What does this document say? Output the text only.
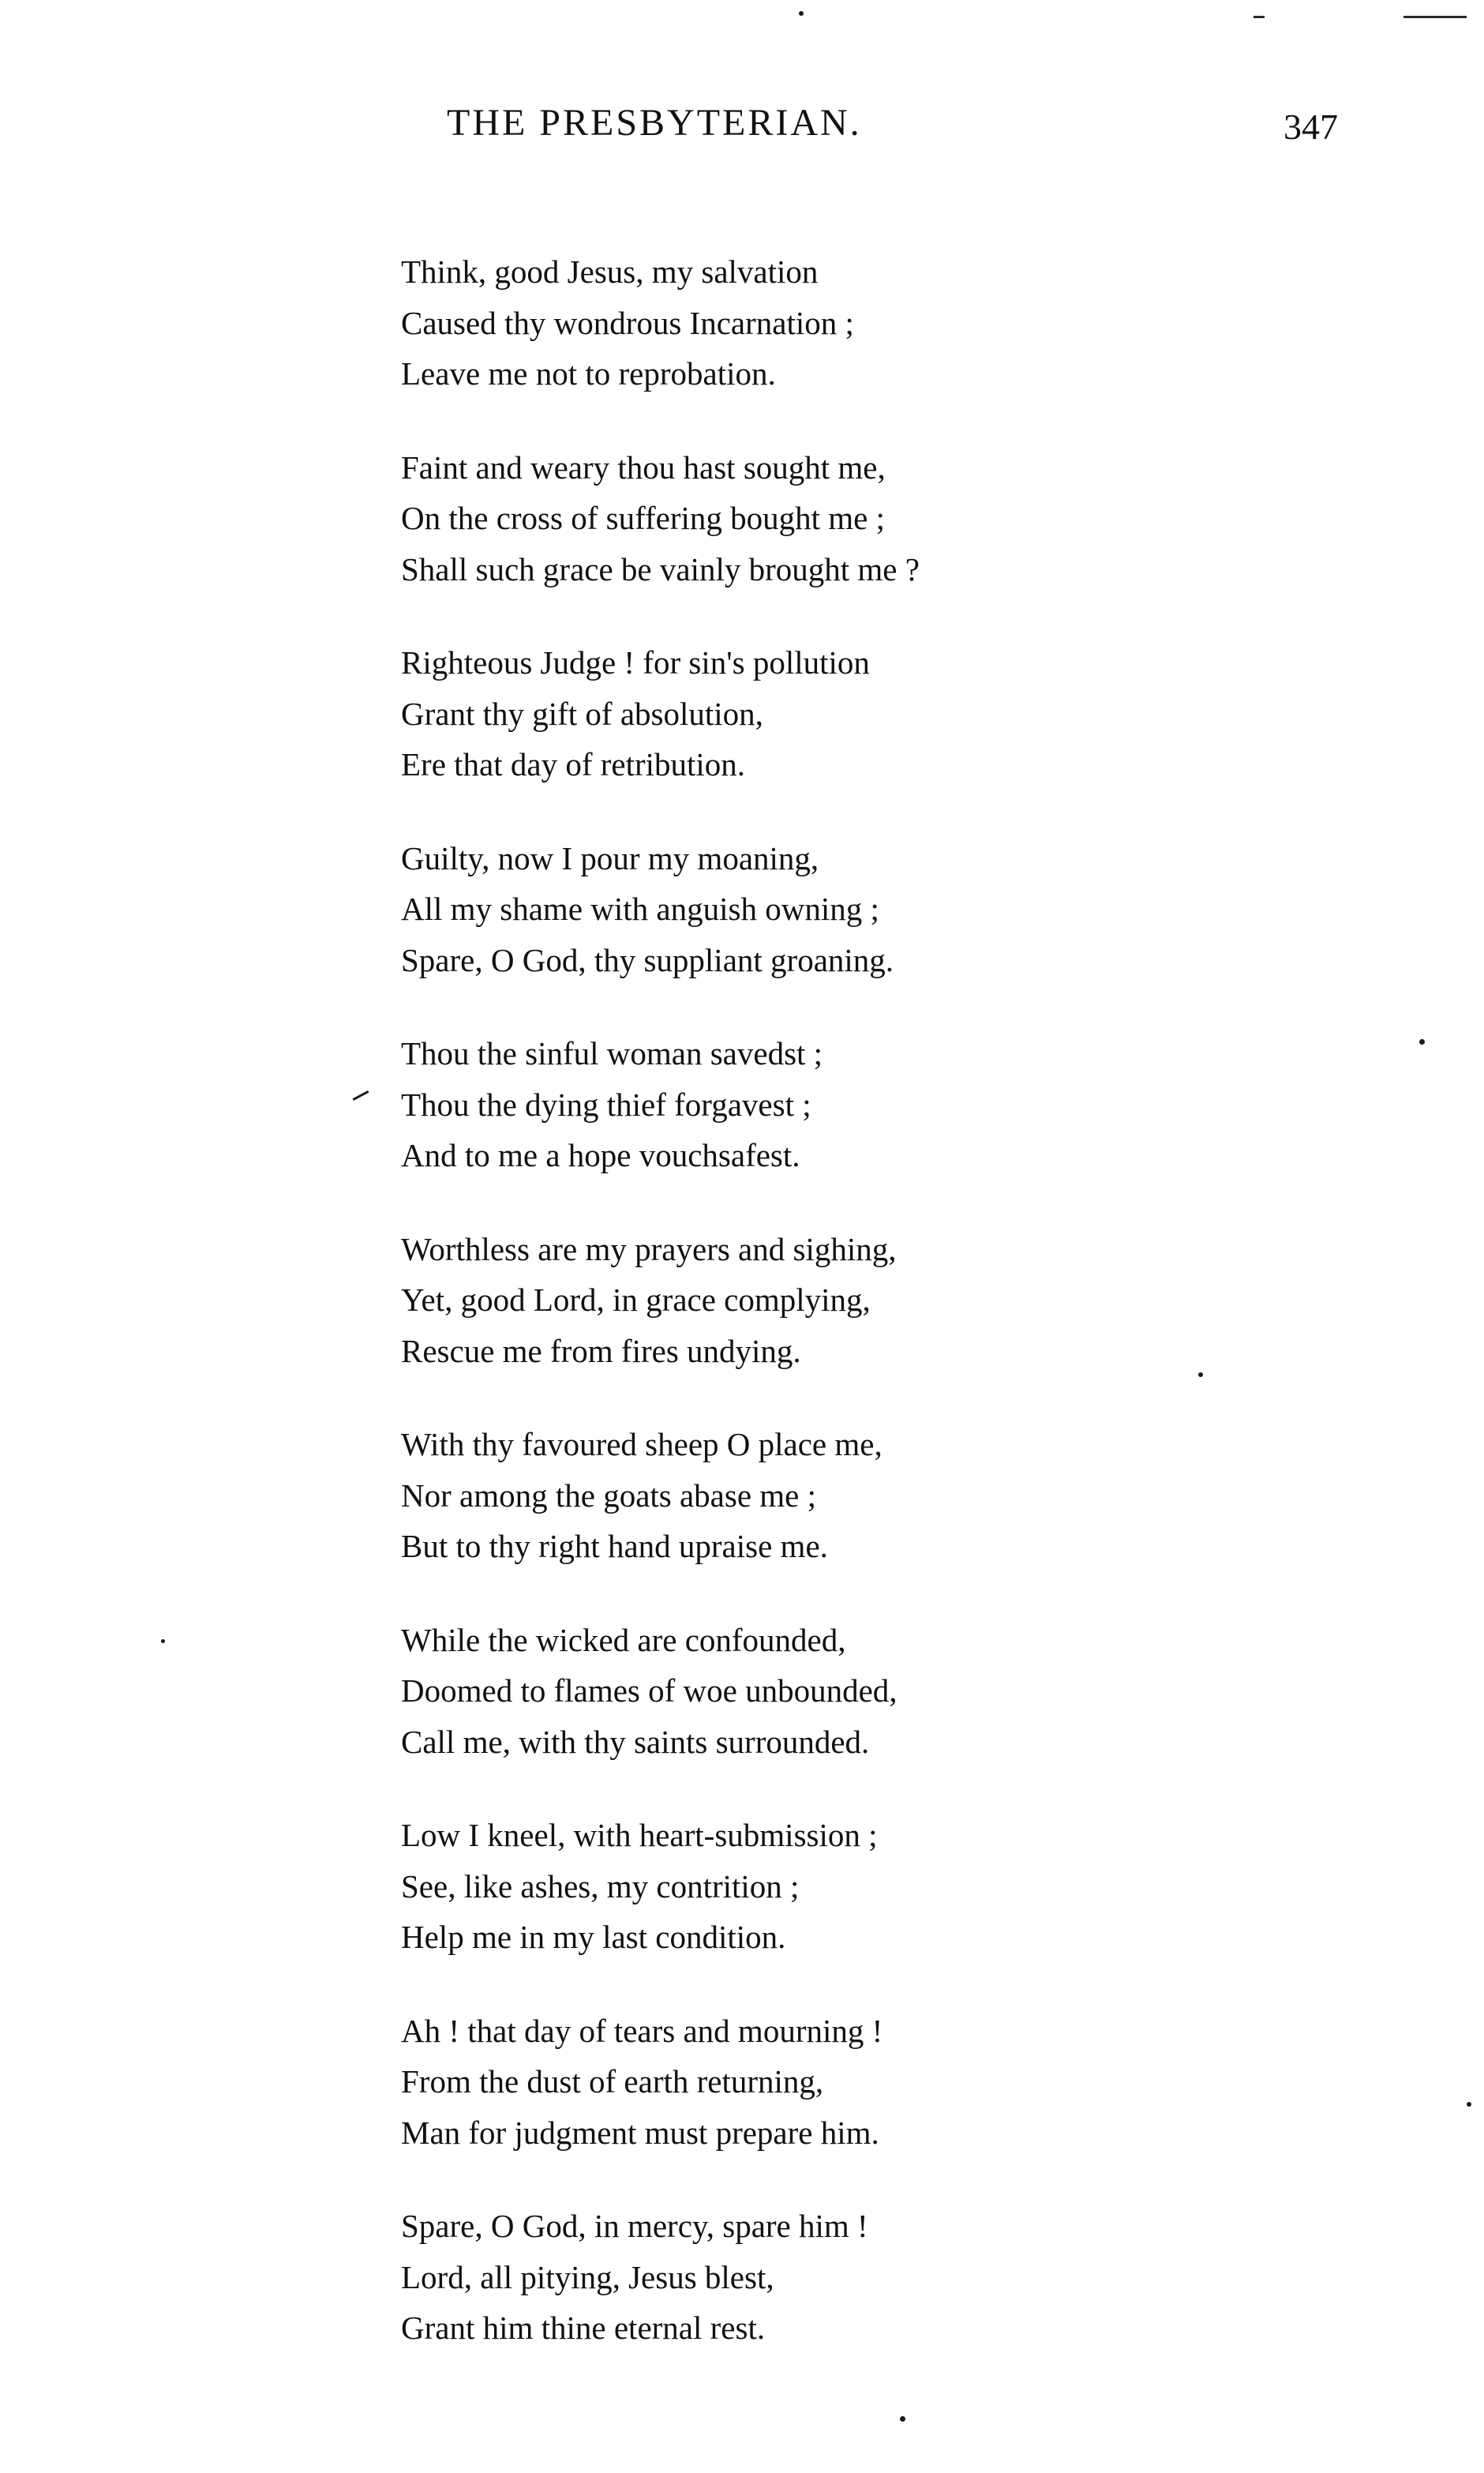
THE PRESBYTERIAN.	347
Think, good Jesus, my salvation
Caused thy wondrous Incarnation ;
Leave me not to reprobation.
Faint and weary thou hast sought me,
On the cross of suffering bought me ;
Shall such grace be vainly brought me ?
Righteous Judge ! for sin's pollution
Grant thy gift of absolution,
Ere that day of retribution.
Guilty, now I pour my moaning,
All my shame with anguish owning ;
Spare, O God, thy suppliant groaning.
Thou the sinful woman savedst ;
Thou the dying thief forgavest ;
And to me a hope vouchsafest.
Worthless are my prayers and sighing,
Yet, good Lord, in grace complying,
Rescue me from fires undying.
With thy favoured sheep O place me,
Nor among the goats abase me ;
But to thy right hand upraise me.
While the wicked are confounded,
Doomed to flames of woe unbounded,
Call me, with thy saints surrounded.
Low I kneel, with heart-submission ;
See, like ashes, my contrition ;
Help me in my last condition.
Ah ! that day of tears and mourning !
From the dust of earth returning,
Man for judgment must prepare him.
Spare, O God, in mercy, spare him !
Lord, all pitying, Jesus blest,
Grant him thine eternal rest.
